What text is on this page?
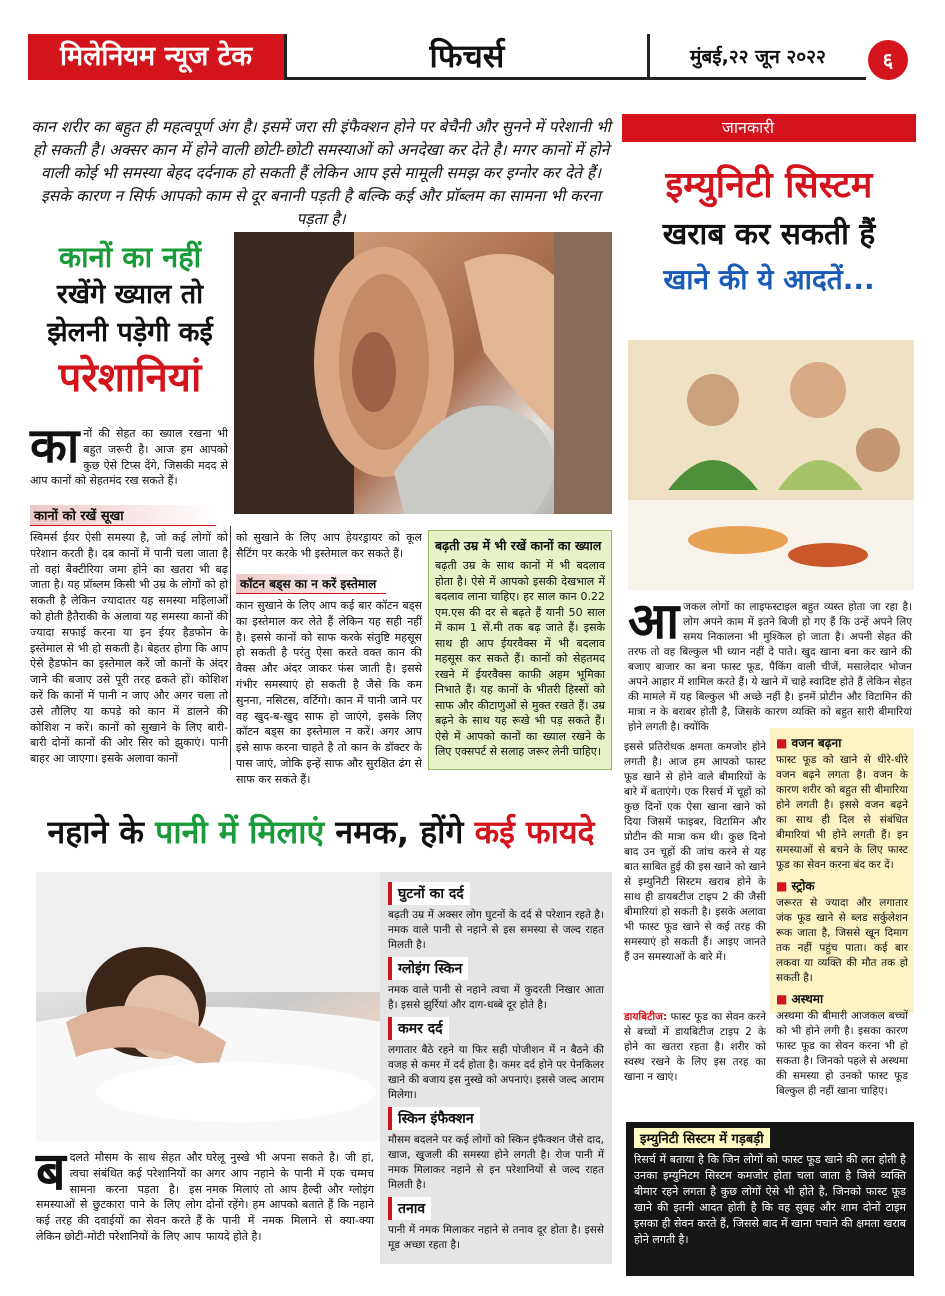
मिलेनियम न्यूज टेक	फिचर्स	मुंबई,२२ जून २०२२	६
कान शरीर का बहुत ही महत्वपूर्ण अंग है। इसमें जरा सी इंफैक्शन होने पर बेचैनी और सुनने में परेशानी भी हो सकती है। अक्सर कान में होने वाली छोटी-छोटी समस्याओं को अनदेखा कर देते है। मगर कानों में होने वाली कोई भी समस्या बेहद दर्दनाक हो सकती हैं लेकिन आप इसे मामूली समझ कर इग्नोर कर देते हैं। इसके कारण न सिर्फ आपको काम से दूर बनानी पड़ती है बल्कि कई और प्रॉब्लम का सामना भी करना पड़ता है।
कानों का नहीं
रखेंगे ख्याल तो
झेलनी पड़ेगी कई
परेशानियां
कानों की सेहत का ख्याल रखना भी बहुत जरूरी है। आज हम आपको कुछ ऐसे टिप्स देंगे, जिसकी मदद से आप कानों को सेहतमंद रख सकते हैं।
कानों को रखें सूखा
स्विमर्स ईयर ऐसी समस्या है, जो कई लोगों को परेशान करती है। दब कानों में पानी चला जाता है तो वहां बैक्टीरिया जमा होने का खतरा भी बढ़ जाता है। यह प्रॉब्लम किसी भी उम्र के लोगों को हो सकती है लेकिन ज्यादातर यह समस्या महिलाओं को होती हैतैराकी के अलावा यह समस्या कानों की ज्यादा सफाई करना या इन ईयर हैडफोन के इस्तेमाल से भी हो सकती है। बेहतर होगा कि आप ऐसे हैडफोन का इस्तेमाल करें जो कानों के अंदर जाने की बजाए उसे पूरी तरह ढकते हों। कोशिश करें कि कानों में पानी न जाए और अगर चला तो उसे तौलिए या कपड़े को कान में डालने की कोशिश न करें। कानों को सुखाने के लिए बारी-बारी दोनों कानों की ओर सिर को झुकाएं। पानी बाहर आ जाएगा। इसके अलावा कानों
को सुखाने के लिए आप हेयरड्रायर को कूल सैटिंग पर करके भी इस्तेमाल कर सकते हैं।
कॉटन बड्स का न करें इस्तेमाल
कान सुखाने के लिए आप कई बार कॉटन बड्स का इस्तेमाल कर लेते हैं लेकिन यह सही नहीं है। इससे कानों को साफ करके संतुष्टि महसूस हो सकती है परंतु ऐसा करते वक्त कान की वैक्स और अंदर जाकर फंस जाती है। इससे गंभीर समस्याएं हो सकती है जैसे कि कम सुनना, नसिटस, वर्टिगो। कान में पानी जाने पर वह खुद-ब-खुद साफ हो जाएंगे, इसके लिए कॉटन बड्स का इस्तेमाल न करें। अगर आप इसे साफ करना चाहते है तो कान के डॉक्टर के पास जाएं, जोकि इन्हें साफ और सुरक्षित ढंग से साफ कर सकते हैं।
बढ़ती उम्र में भी रखें कानों का ख्याल
बढ़ती उम्र के साथ कानों में भी बदलाव होता है। ऐसे में आपको इसकी देखभाल में बदलाव लाना चाहिए। हर साल कान 0.22 एम.एस की दर से बढ़ते हैं यानी 50 साल में काम 1 सें.मी तक बढ़ जाते हैं। इसके साथ ही आप ईयरवैक्स में भी बदलाव महसूस कर सकते हैं। कानों को सेहतमद रखने में ईयरवैक्स काफी अहम भूमिका निभाते हैं। यह कानों के भीतरी हिस्सों को साफ और कीटाणुओं से मुक्त रखते हैं। उम्र बढ़ने के साथ यह रूखे भी पड़ सकते हैं। ऐसे में आपको कानों का ख्याल रखने के लिए एक्सपर्ट से सलाह जरूर लेनी चाहिए।
नहाने के पानी में मिलाएं नमक, होंगे कई फायदे
घुटनों का दर्द
बढ़ती उम्र में अक्सर लोग घुटनों के दर्द से परेशान रहते है। नमक वाले पानी से नहाने से इस समस्या से जल्द राहत मिलती है।
ग्लोइंग स्किन
नमक वाले पानी से नहाने त्वचा में कुदरती निखार आता है। इससे झुर्रियां और दाग-धब्बे दूर होते है।
कमर दर्द
लगातार बैठे रहने या फिर सही पोजीशन में न बैठने की वजह से कमर में दर्द होता है। कमर दर्द होने पर पेनकिलर खाने की बजाय इस नुस्खे को अपनाएं। इससे जल्द आराम मिलेगा।
स्किन इंफैक्शन
मौसम बदलने पर कई लोगों को स्किन इंफैक्शन जैसे दाद, खाज, खुजली की समस्या होने लगती है। रोज पानी में नमक मिलाकर नहाने से इन परेशानियों से जल्द राहत मिलती है।
तनाव
पानी में नमक मिलाकर नहाने से तनाव दूर होता है। इससे मूड अच्छा रहता है।
बदलते मौसम के साथ सेहत और त्वचा संबंधित कई परेशानियों का सामना करना पड़ता है। इस समस्याओं से छुटकारा पाने के लिए लोग कई तरह की दवाईयों का सेवन करते हैं लेकिन छोटी-मोटी परेशानियों के लिए आप
घरेलू नुस्खे भी अपना सकते है। जी हां, अगर आप नहाने के पानी में एक चम्मच नमक मिलाएं तो आप हैल्दी और ग्लोइंग दोनों रहेंगे। हम आपको बताते हैं कि नहाने के पानी में नमक मिलाने से क्या-क्या फायदे होते है।
जानकारी
इम्युनिटी सिस्टम
खराब कर सकती हैं
खाने की ये आदतें...
आजकल लोगों का लाइफस्टाइल बहुत व्यस्त होता जा रहा है। लोग अपने काम में इतने बिजी हो गए हैं कि उन्हें अपने लिए समय निकालना भी मुश्किल हो जाता है। अपनी सेहत की तरफ तो वह बिल्कुल भी ध्यान नहीं दे पाते। खुद खाना बना कर खाने की बजाए बाजार का बना फास्ट फूड, पैकिंग वाली चीजें, मसालेदार भोजन अपने आहार में शामिल करते हैं। ये खाने में चाहे स्वादिष्ट होते हैं लेकिन सेहत की मामले में यह बिल्कुल भी अच्छे नहीं है। इनमें प्रोटीन और विटामिन की मात्रा न के बराबर होती है, जिसके कारण व्यक्ति को बहुत सारी बीमारियां होने लगती है। क्योंकि
इससे प्रतिरोधक क्षमता कमजोर होने लगती है। आज हम आपको फास्ट फूड खाने से होने वाले बीमारियों के बारे में बताएंगे। एक रिसर्च में चूहों को कुछ दिनों एक ऐसा खाना खाने को दिया जिसमें फाइबर, विटामिन और प्रोटीन की मात्रा कम थी। कुछ दिनो बाद उन चूहों की जांच करने से यह बात साबित हुई की इस खाने को खाने से इम्युनिटी सिस्टम खराब होने के साथ ही डायबटीज टाइप 2 की जैसी बीमारियां हो सकती है। इसके अलावा भी फास्ट फूड खाने से कई तरह की समस्याएं हो सकती हैं। आइए जानते हैं उन समस्याओं के बारे में।
डायबिटीज: फास्ट फूड का सेवन करने से बच्चों में डायबिटीज टाइप 2 के होने का खतरा रहता है। शरीर को स्वस्थ रखने के लिए इस तरह का खाना न खाएं।
■ वजन बढ़ना
फास्ट फूड को खाने से धीरे-धीरे वजन बढ़ने लगता है। वजन के कारण शरीर को बहुत सी बीमारिया होने लगती है। इससे वजन बढ़ने का साथ ही दिल से संबंधित बीमारियां भी होने लगती हैं। इन समस्याओं से बचने के लिए फास्ट फूड का सेवन करना बंद कर दें।
■ स्ट्रोक
जरूरत से ज्यादा और लगातार जंक फूड खाने से ब्लड सर्कुलेशन रूक जाता है, जिससे खून दिमाग तक नहीं पहुंच पाता। कई बार लकवा या व्यक्ति की मौत तक हो सकती है।
■ अस्थमा
अस्थमा की बीमारी आजकल बच्चों को भी होने लगी है। इसका कारण फास्ट फूड का सेवन करना भी हो सकता है। जिनको पहले से अस्थमा की समस्या हो उनको फास्ट फूड बिल्कुल ही नहीं खाना चाहिए।
इम्युनिटी सिस्टम में गड़बड़ी
रिसर्च में बताया है कि जिन लोगों को फास्ट फूड खाने की लत होती है उनका इम्युनिटम सिस्टम कमजोर होता चला जाता है जिसे व्यक्ति बीमार रहने लगता है कुछ लोगों ऐसे भी होते है, जिनको फास्ट फूड खाने की इतनी आदत होती है कि वह सुबह और शाम दोनों टाइम इसका ही सेवन करते हैं, जिससे बाद में खाना पचाने की क्षमता खराब होने लगती है।
